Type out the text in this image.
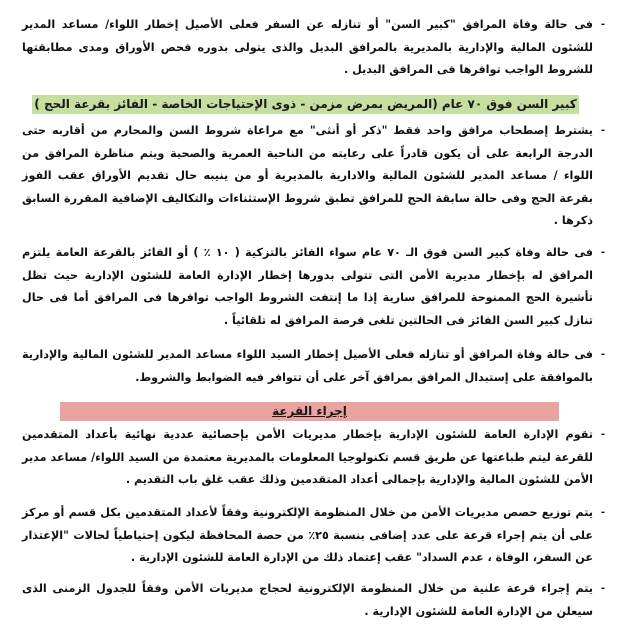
-
فى حالة وفاة المرافق "كبير السن" أو تنازله عن السفر فعلى الأصيل إخطار اللواء/ مساعد المدير للشئون المالية والإدارية بالمديرية بالمرافق البديل والذى يتولى بدوره فحص الأوراق ومدى مطابقتها للشروط الواجب توافرها فى المرافق البديل .
كبير السن فوق ٧٠ عام (المريض بمرض مزمن - ذوى الإحتياجات الخاصة - الفائز بقرعة الحج )
-
يشترط إصطحاب مرافق واحد فقط "ذكر أو أنثى" مع مراعاة شروط السن والمحارم من أقاربه حتى الدرجة الرابعة على أن يكون قادراً على رعايته من الناحية العمرية والصحية ويتم مناظرة المرافق من اللواء / مساعد المدير للشئون المالية والادارية بالمديرية أو من ينيبه حال تقديم الأوراق عقب الفوز بقرعة الحج وفى حالة سابقة الحج للمرافق تطبق شروط الإستثناءات والتكاليف الإضافية المقررة السابق ذكرها .
-
فى حالة وفاة كبير السن فوق الـ ٧٠ عام سواء الفائز بالتزكية ( ١٠ ٪ ) أو الفائز بالقرعة العامة يلتزم المرافق له بإخطار مديرية الأمن التى تتولى بدورها إخطار الإدارة العامة للشئون الإدارية حيث تظل تأشيرة الحج الممنوحة للمرافق سارية إذا ما إنتفت الشروط الواجب توافرها فى المرافق أما فى حال تنازل كبير السن الفائز فى الحالتين تلغى فرصة المرافق له تلقائياً .
-
فى حالة وفاة المرافق أو تنازله فعلى الأصيل إخطار السيد اللواء مساعد المدير للشئون المالية والإدارية بالموافقة على إستبدال المرافق بمرافق آخر على أن تتوافر فيه الضوابط والشروط.
إجراء القرعة
-
تقوم الإدارة العامة للشئون الإدارية بإخطار مديريات الأمن بإحصائية عددية نهائية بأعداد المتقدمين للقرعة ليتم طباعتها عن طريق قسم تكنولوجيا المعلومات بالمديرية معتمدة من السيد اللواء/ مساعد مدير الأمن للشئون المالية والإدارية بإجمالى أعداد المتقدمين وذلك عقب غلق باب التقديم .
-
يتم توزيع حصص مديريات الأمن من خلال المنظومة الإلكترونية وفقاً لأعداد المتقدمين بكل قسم أو مركز على أن يتم إجراء قرعة على عدد إضافى بنسبة ٢٥٪ من حصة المحافظة ليكون إحتياطياً لحالات "الإعتذار عن السفر، الوفاة ، عدم السداد" عقب إعتماد ذلك من الإدارة العامة للشئون الإدارية .
-
يتم إجراء قرعة علنية من خلال المنظومة الإلكترونية لحجاج مديريات الأمن وفقاً للجدول الزمنى الذى سيعلن من الإدارة العامة للشئون الإدارية .
